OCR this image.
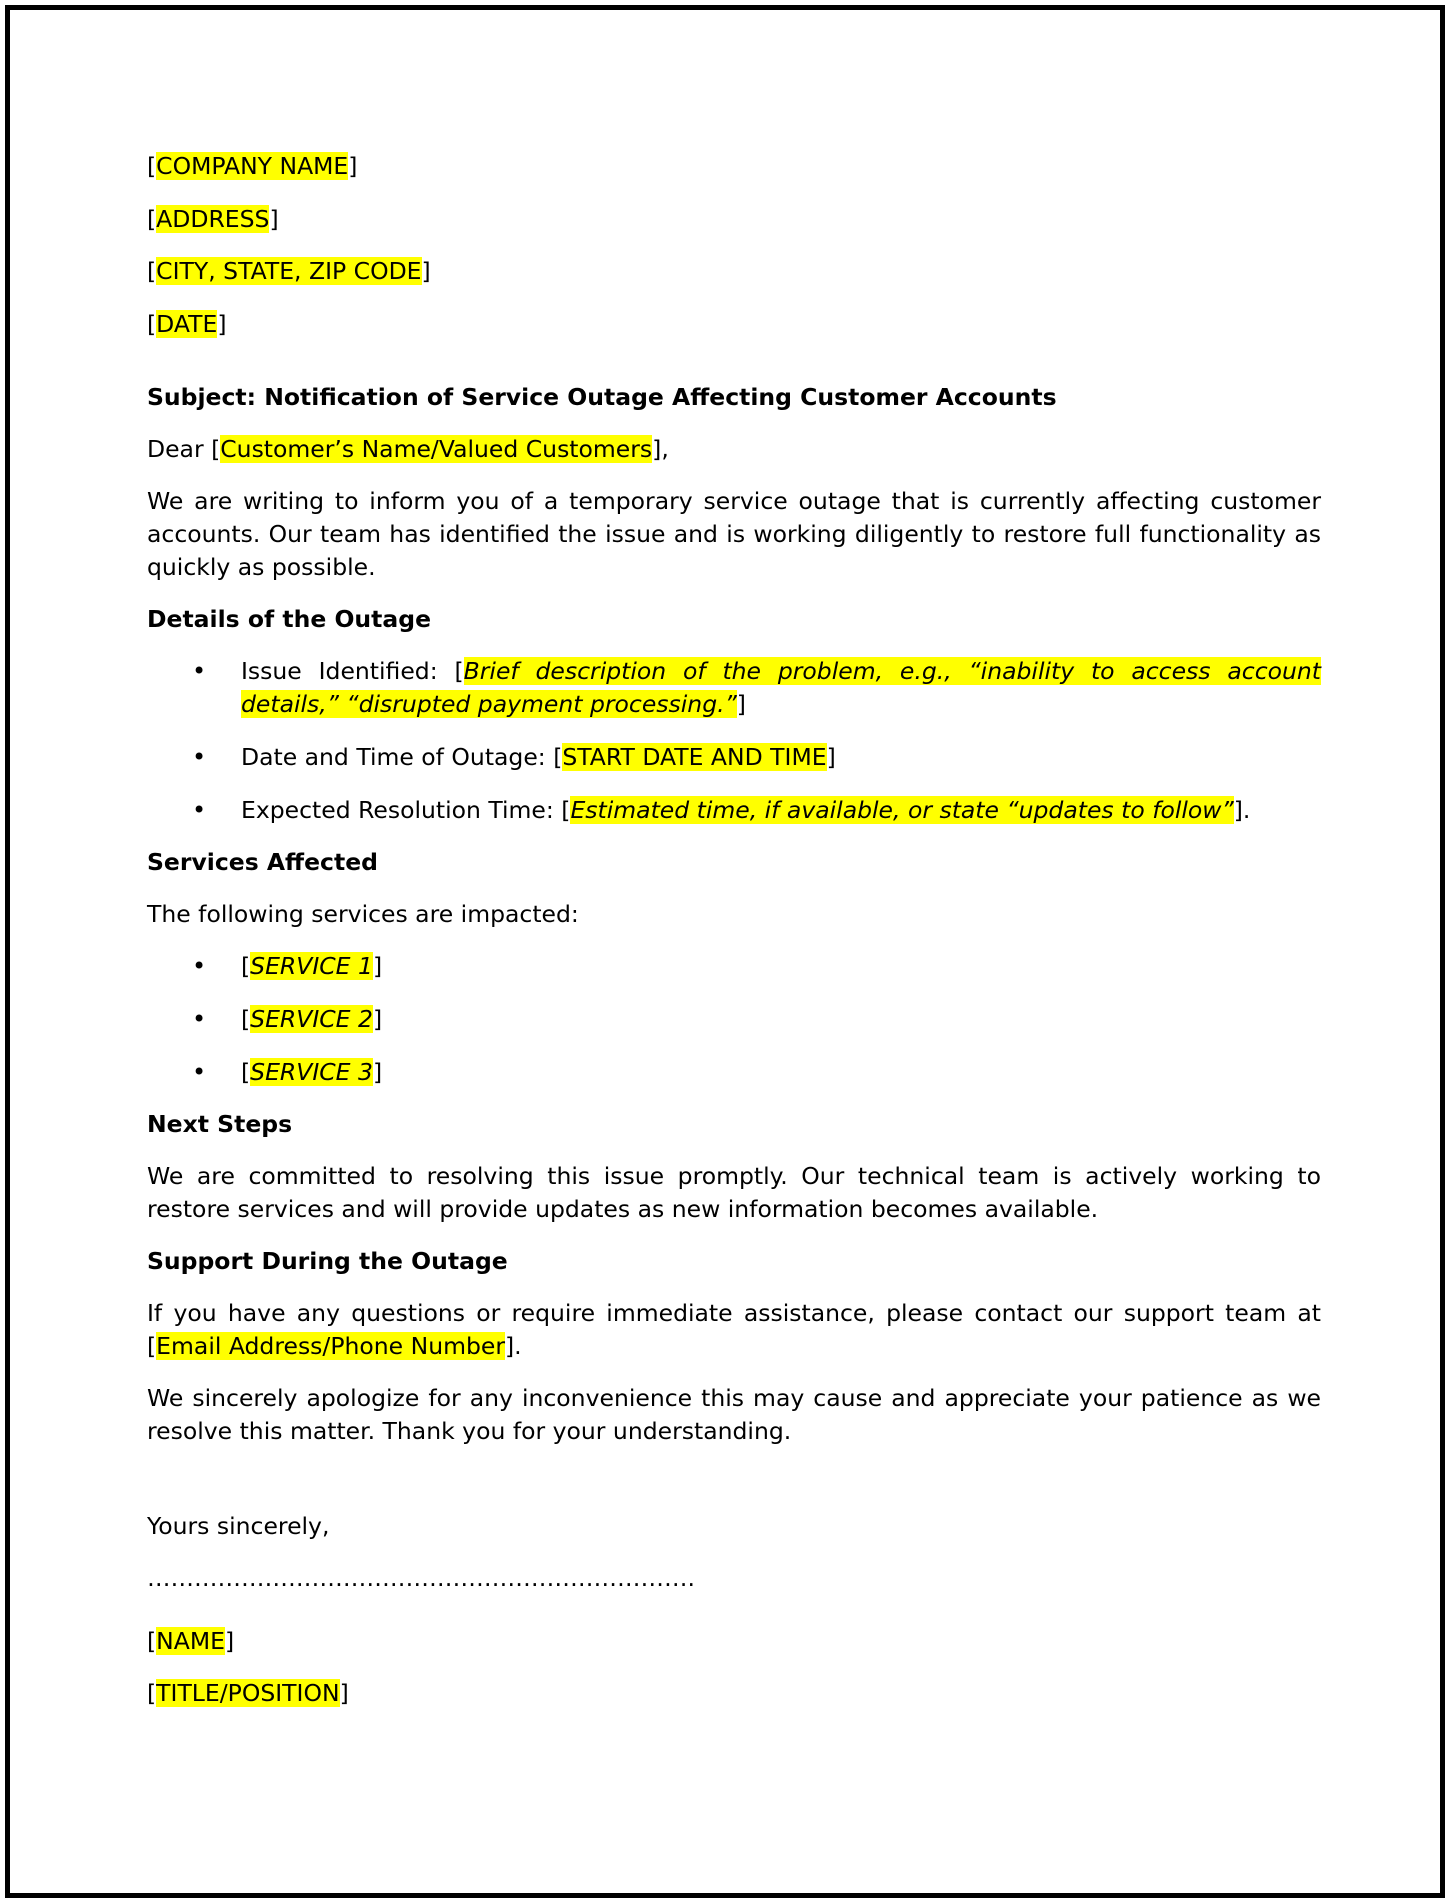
[COMPANY NAME]

[ADDRESS]

[CITY, STATE, ZIP CODE]

[DATE]

Subject: Notification of Service Outage Affecting Customer Accounts

Dear [Customer’s Name/Valued Customers],

We are writing to inform you of a temporary service outage that is currently affecting customer accounts. Our team has identified the issue and is working diligently to restore full functionality as quickly as possible.

Details of the Outage
• Issue Identified: [Brief description of the problem, e.g., “inability to access account details,” “disrupted payment processing.”]
• Date and Time of Outage: [START DATE AND TIME]
• Expected Resolution Time: [Estimated time, if available, or state “updates to follow”].
Services Affected

The following services are impacted:

• [SERVICE 1]
• [SERVICE 2]
• [SERVICE 3]
Next Steps

We are committed to resolving this issue promptly. Our technical team is actively working to restore services and will provide updates as new information becomes available.

Support During the Outage

If you have any questions or require immediate assistance, please contact our support team at [Email Address/Phone Number].

We sincerely apologize for any inconvenience this may cause and appreciate your patience as we resolve this matter. Thank you for your understanding.

Yours sincerely,

…………………………………………………………….

[NAME]

[TITLE/POSITION]
